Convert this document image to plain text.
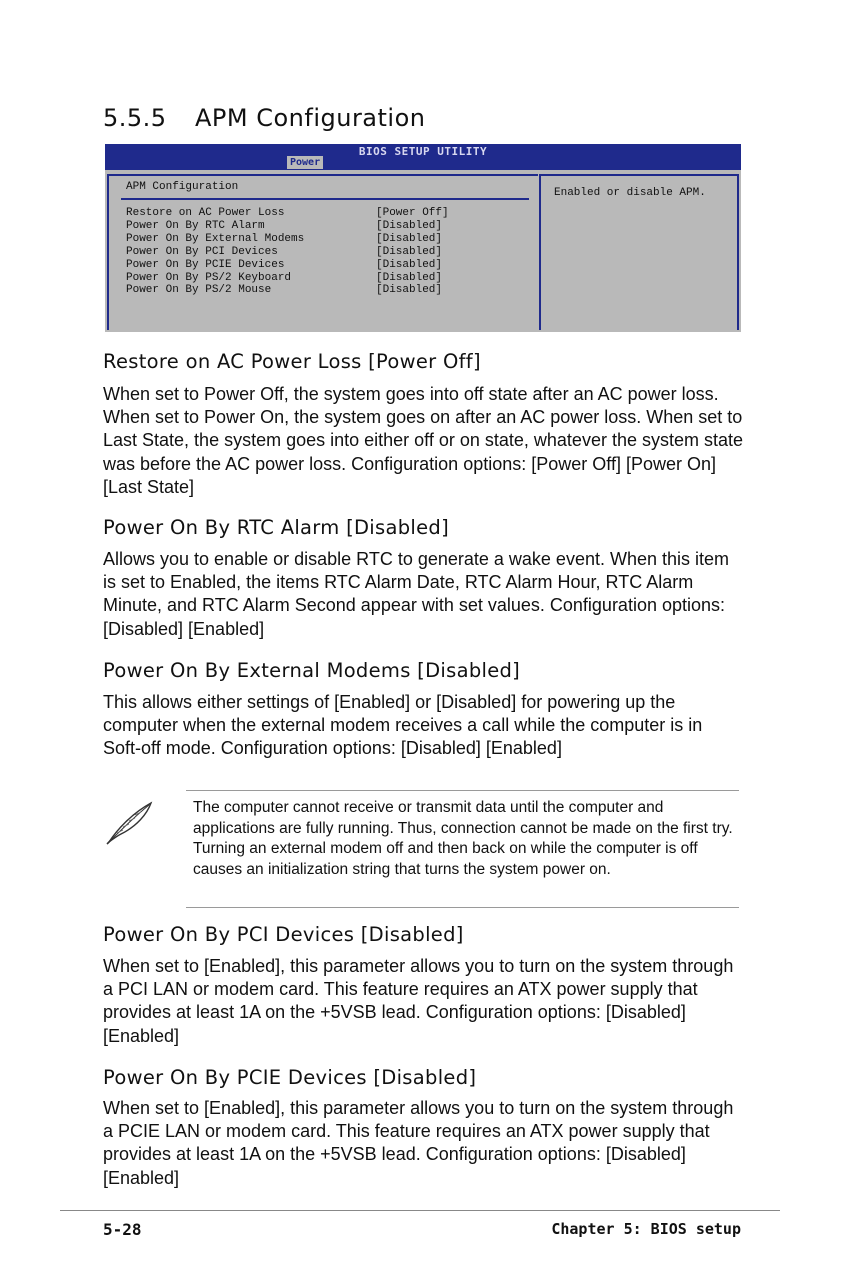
5.5.5 APM Configuration
BIOS SETUP UTILITY
Power
APM Configuration
Restore on AC Power Loss	[Power Off]
Power On By RTC Alarm	[Disabled]
Power On By External Modems	[Disabled]
Power On By PCI Devices	[Disabled]
Power On By PCIE Devices	[Disabled]
Power On By PS/2 Keyboard	[Disabled]
Power On By PS/2 Mouse	[Disabled]
Enabled or disable APM.
Restore on AC Power Loss [Power Off]
When set to Power Off, the system goes into off state after an AC power loss. When set to Power On, the system goes on after an AC power loss. When set to Last State, the system goes into either off or on state, whatever the system state was before the AC power loss. Configuration options: [Power Off] [Power On] [Last State]
Power On By RTC Alarm [Disabled]
Allows you to enable or disable RTC to generate a wake event. When this item is set to Enabled, the items RTC Alarm Date, RTC Alarm Hour, RTC Alarm Minute, and RTC Alarm Second appear with set values. Configuration options: [Disabled] [Enabled]
Power On By External Modems [Disabled]
This allows either settings of [Enabled] or [Disabled] for powering up the computer when the external modem receives a call while the computer is in Soft-off mode. Configuration options: [Disabled] [Enabled]
The computer cannot receive or transmit data until the computer and applications are fully running. Thus, connection cannot be made on the first try. Turning an external modem off and then back on while the computer is off causes an initialization string that turns the system power on.
Power On By PCI Devices [Disabled]
When set to [Enabled], this parameter allows you to turn on the system through a PCI LAN or modem card. This feature requires an ATX power supply that provides at least 1A on the +5VSB lead. Configuration options: [Disabled] [Enabled]
Power On By PCIE Devices [Disabled]
When set to [Enabled], this parameter allows you to turn on the system through a PCIE LAN or modem card. This feature requires an ATX power supply that provides at least 1A on the +5VSB lead. Configuration options: [Disabled] [Enabled]
5-28	Chapter 5: BIOS setup
